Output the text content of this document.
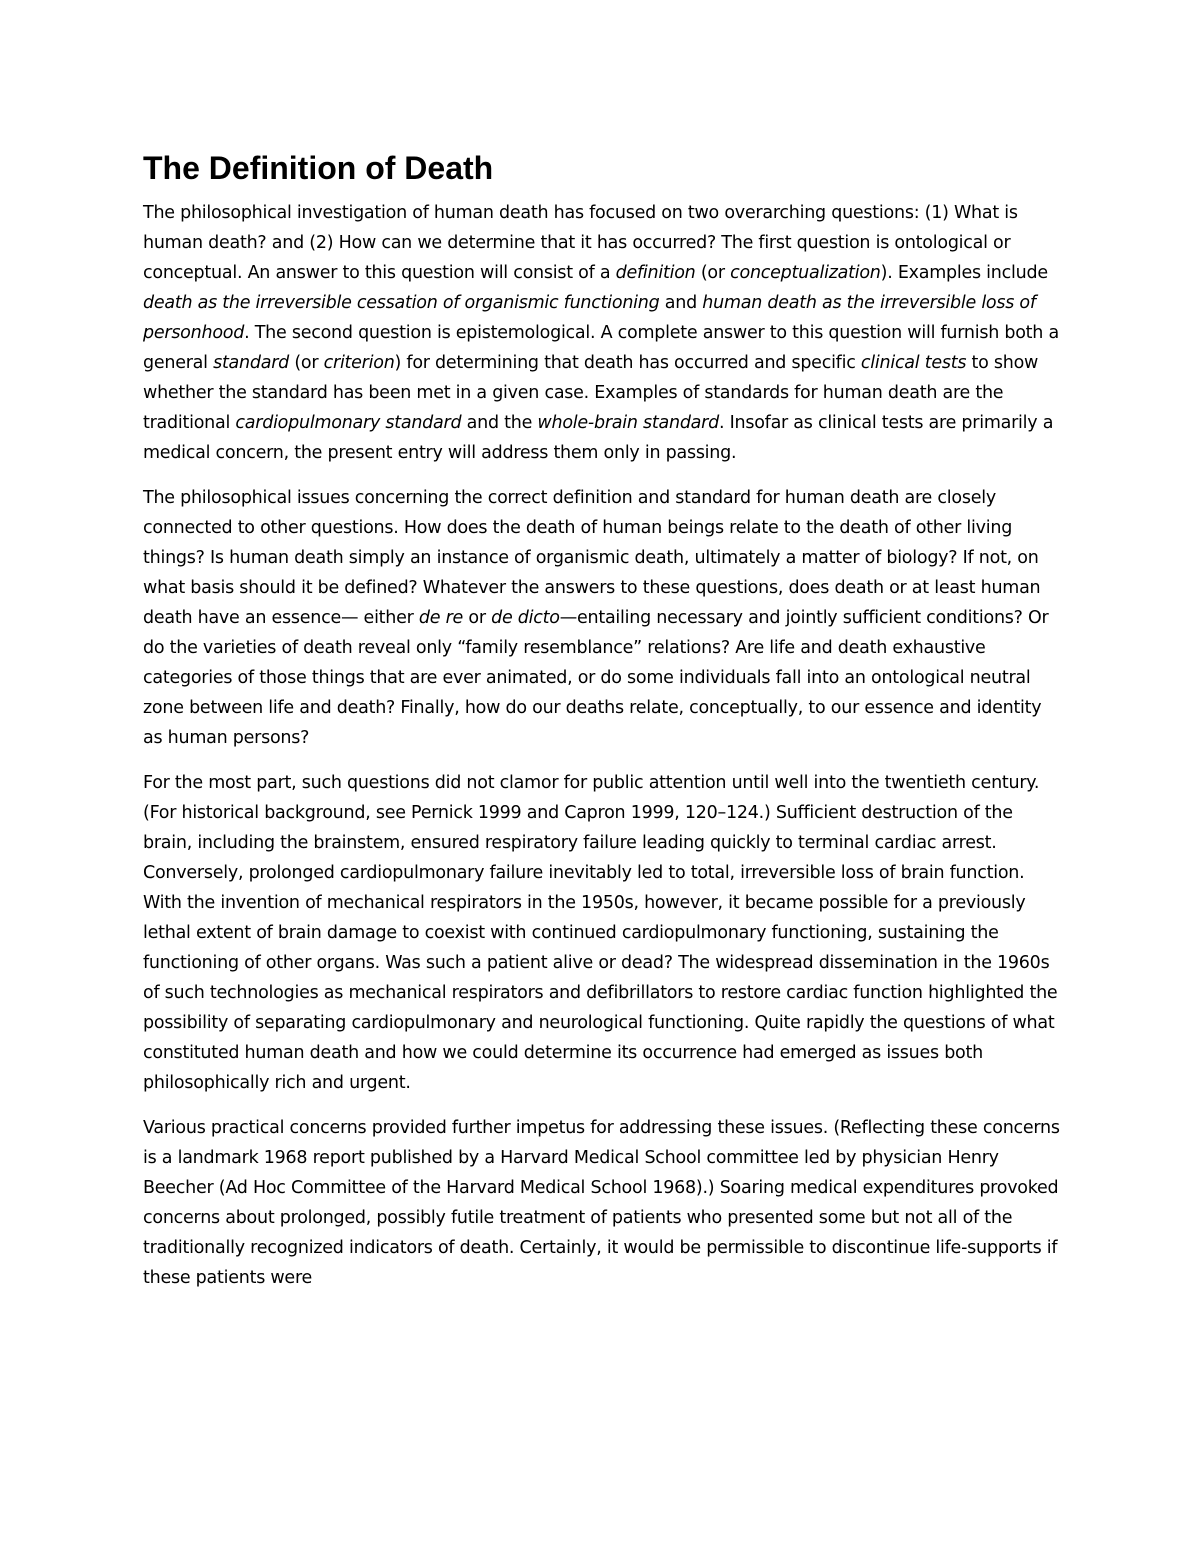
The Definition of Death

The philosophical investigation of human death has focused on two overarching questions: (1) What is human death? and (2) How can we determine that it has occurred? The first question is ontological or conceptual. An answer to this question will consist of a definition (or conceptualization). Examples include death as the irreversible cessation of organismic functioning and human death as the irreversible loss of personhood. The second question is epistemological. A complete answer to this question will furnish both a general standard (or criterion) for determining that death has occurred and specific clinical tests to show whether the standard has been met in a given case. Examples of standards for human death are the traditional cardiopulmonary standard and the whole-brain standard. Insofar as clinical tests are primarily a medical concern, the present entry will address them only in passing.

The philosophical issues concerning the correct definition and standard for human death are closely connected to other questions. How does the death of human beings relate to the death of other living things? Is human death simply an instance of organismic death, ultimately a matter of biology? If not, on what basis should it be defined? Whatever the answers to these questions, does death or at least human death have an essence— either de re or de dicto—entailing necessary and jointly sufficient conditions? Or do the varieties of death reveal only “family resemblance” relations? Are life and death exhaustive categories of those things that are ever animated, or do some individuals fall into an ontological neutral zone between life and death? Finally, how do our deaths relate, conceptually, to our essence and identity as human persons?

For the most part, such questions did not clamor for public attention until well into the twentieth century. (For historical background, see Pernick 1999 and Capron 1999, 120–124.) Sufficient destruction of the brain, including the brainstem, ensured respiratory failure leading quickly to terminal cardiac arrest. Conversely, prolonged cardiopulmonary failure inevitably led to total, irreversible loss of brain function. With the invention of mechanical respirators in the 1950s, however, it became possible for a previously lethal extent of brain damage to coexist with continued cardiopulmonary functioning, sustaining the functioning of other organs. Was such a patient alive or dead? The widespread dissemination in the 1960s of such technologies as mechanical respirators and defibrillators to restore cardiac function highlighted the possibility of separating cardiopulmonary and neurological functioning. Quite rapidly the questions of what constituted human death and how we could determine its occurrence had emerged as issues both philosophically rich and urgent.

Various practical concerns provided further impetus for addressing these issues. (Reflecting these concerns is a landmark 1968 report published by a Harvard Medical School committee led by physician Henry Beecher (Ad Hoc Committee of the Harvard Medical School 1968).) Soaring medical expenditures provoked concerns about prolonged, possibly futile treatment of patients who presented some but not all of the traditionally recognized indicators of death. Certainly, it would be permissible to discontinue life-supports if these patients were
